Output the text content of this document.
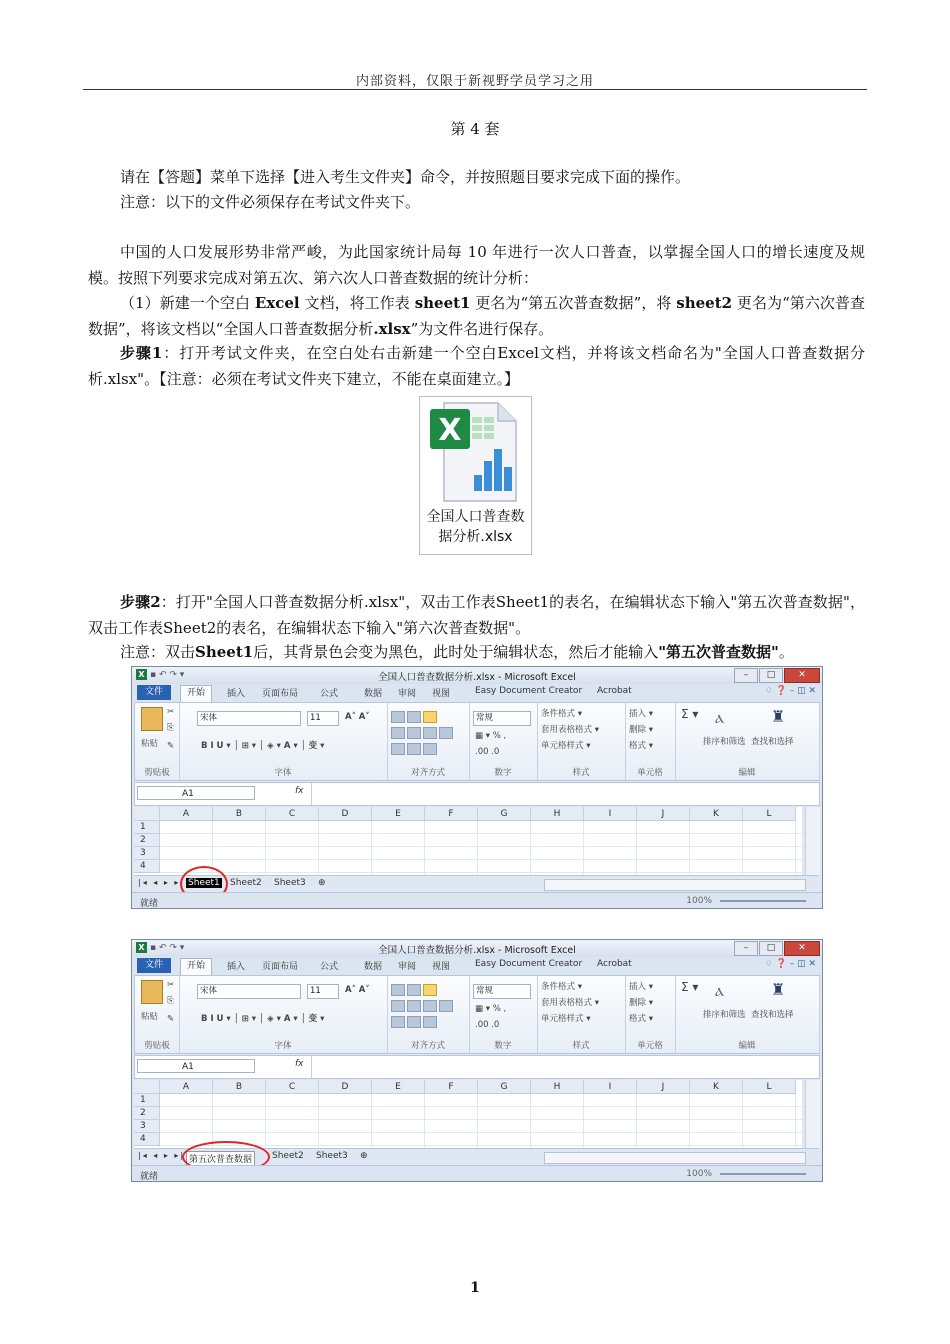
内部资料，仅限于新视野学员学习之用
第 4 套
请在【答题】菜单下选择【进入考生文件夹】命令，并按照题目要求完成下面的操作。
注意：以下的文件必须保存在考试文件夹下。
中国的人口发展形势非常严峻，为此国家统计局每 10 年进行一次人口普查，以掌握全国人口的增长速度及规模。按照下列要求完成对第五次、第六次人口普查数据的统计分析：
（1）新建一个空白 Excel 文档，将工作表 sheet1 更名为“第五次普查数据”，将 sheet2 更名为“第六次普查数据”，将该文档以“全国人口普查数据分析.xlsx”为文件名进行保存。
步骤1：打开考试文件夹，在空白处右击新建一个空白Excel文档，并将该文档命名为"全国人口普查数据分析.xlsx"。【注意：必须在考试文件夹下建立，不能在桌面建立。】
X
全国人口普查数
据分析.xlsx
步骤2：打开"全国人口普查数据分析.xlsx"，双击工作表Sheet1的表名，在编辑状态下输入"第五次普查数据"，双击工作表Sheet2的表名，在编辑状态下输入"第六次普查数据"。
注意：双击Sheet1后，其背景色会变为黑色，此时处于编辑状态，然后才能输入"第五次普查数据"。
X ▪ ↶ ↷ ▾	全国人口普查数据分析.xlsx - Microsoft Excel	– □	✕
文件	开始	插入 页面布局 公式	数据 审阅 视图	Easy Document Creator Acrobat	♢ ❓ – ◫ ✕
剪贴板	字体	对齐方式	数字	样式	单元格	编辑
粘贴
✂
⎘
✎
宋体	11	A˄ A˅
B I U ▾ │ ⊞ ▾ │ ◈ ▾ A ▾ │ 变 ▾
常规
▦ ▾ % ,
.00 .0
条件格式 ▾	插入 ▾
套用表格格式 ▾	删除 ▾
单元格样式 ▾	格式 ▾
Σ ▾ ⲁ	♜
排序和筛选 查找和选择
A1	fx
A	B	C	D	E	F	G	H	I	J	K	L
1
2
3
4
|◂ ◂ ▸ ▸| Sheet1 Sheet2 Sheet3 ⊕
就绪	100%
X ▪ ↶ ↷ ▾	全国人口普查数据分析.xlsx - Microsoft Excel	– □	✕
文件	开始	插入 页面布局 公式	数据 审阅 视图	Easy Document Creator Acrobat	♢ ❓ – ◫ ✕
剪贴板	字体	对齐方式	数字	样式	单元格	编辑
粘贴
✂
⎘
✎
宋体	11	A˄ A˅
B I U ▾ │ ⊞ ▾ │ ◈ ▾ A ▾ │ 变 ▾
常规
▦ ▾ % ,
.00 .0
条件格式 ▾	插入 ▾
套用表格格式 ▾	删除 ▾
单元格样式 ▾	格式 ▾
Σ ▾ ⲁ	♜
排序和筛选 查找和选择
A1	fx
A	B	C	D	E	F	G	H	I	J	K	L
1
2
3
4
|◂ ◂ ▸ ▸| 第五次普查数据	Sheet2 Sheet3 ⊕
就绪	100%
1
